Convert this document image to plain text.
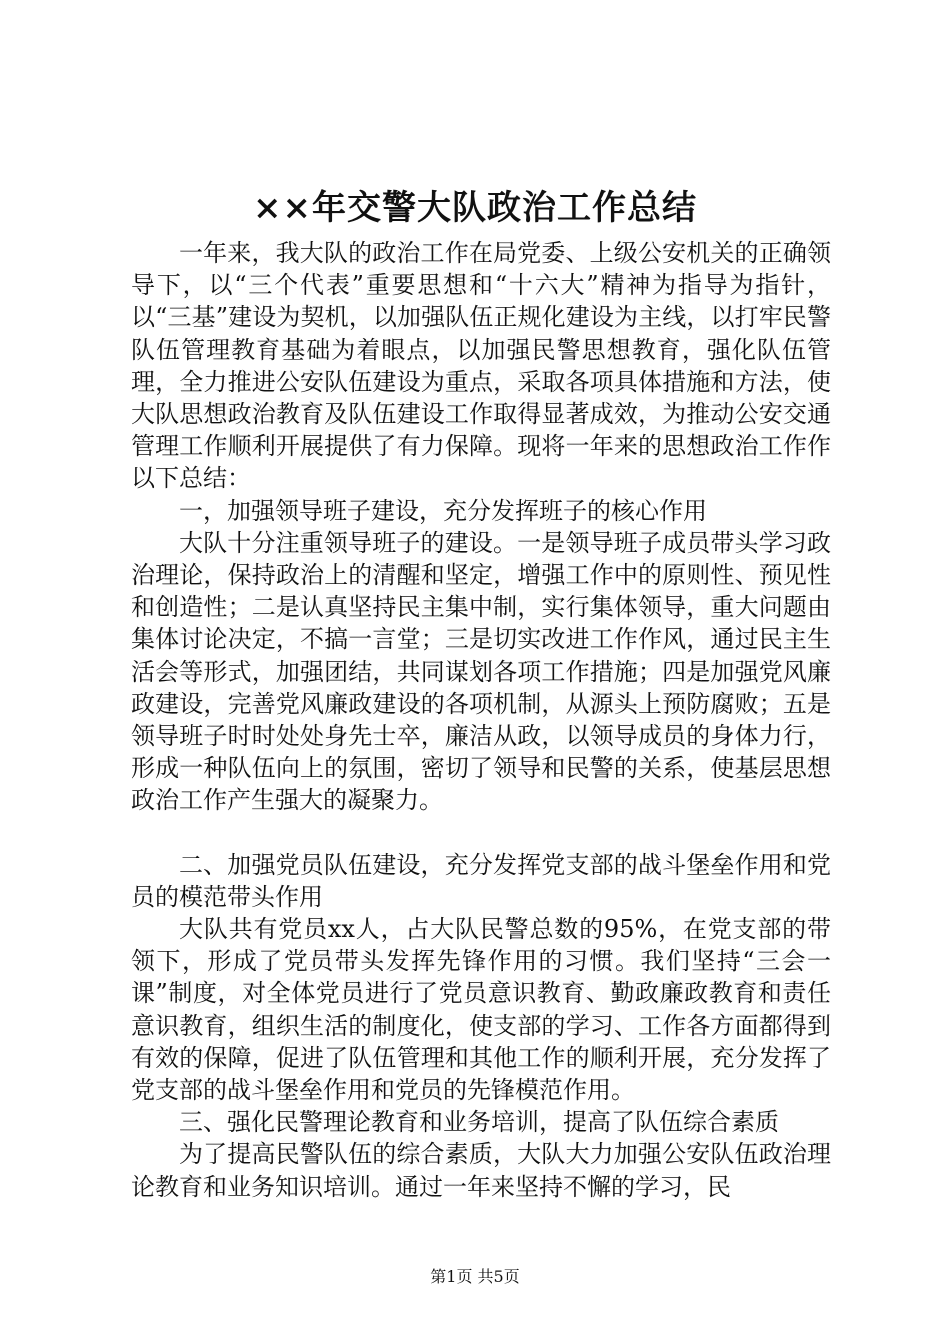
××年交警大队政治工作总结

一年来，我大队的政治工作在局党委、上级公安机关的正确领导下，以“三个代表”重要思想和“十六大”精神为指导为指针，以“三基”建设为契机，以加强队伍正规化建设为主线，以打牢民警队伍管理教育基础为着眼点，以加强民警思想教育，强化队伍管理，全力推进公安队伍建设为重点，采取各项具体措施和方法，使大队思想政治教育及队伍建设工作取得显著成效，为推动公安交通管理工作顺利开展提供了有力保障。现将一年来的思想政治工作作以下总结：

一，加强领导班子建设，充分发挥班子的核心作用

大队十分注重领导班子的建设。一是领导班子成员带头学习政治理论，保持政治上的清醒和坚定，增强工作中的原则性、预见性和创造性；二是认真坚持民主集中制，实行集体领导，重大问题由集体讨论决定，不搞一言堂；三是切实改进工作作风，通过民主生活会等形式，加强团结，共同谋划各项工作措施；四是加强党风廉政建设，完善党风廉政建设的各项机制，从源头上预防腐败；五是领导班子时时处处身先士卒，廉洁从政，以领导成员的身体力行，形成一种队伍向上的氛围，密切了领导和民警的关系，使基层思想政治工作产生强大的凝聚力。

二、加强党员队伍建设，充分发挥党支部的战斗堡垒作用和党员的模范带头作用

大队共有党员xx人，占大队民警总数的95%，在党支部的带领下，形成了党员带头发挥先锋作用的习惯。我们坚持“三会一课”制度，对全体党员进行了党员意识教育、勤政廉政教育和责任意识教育，组织生活的制度化，使支部的学习、工作各方面都得到有效的保障，促进了队伍管理和其他工作的顺利开展，充分发挥了党支部的战斗堡垒作用和党员的先锋模范作用。

三、强化民警理论教育和业务培训，提高了队伍综合素质

为了提高民警队伍的综合素质，大队大力加强公安队伍政治理论教育和业务知识培训。通过一年来坚持不懈的学习，民

第1页 共5页
